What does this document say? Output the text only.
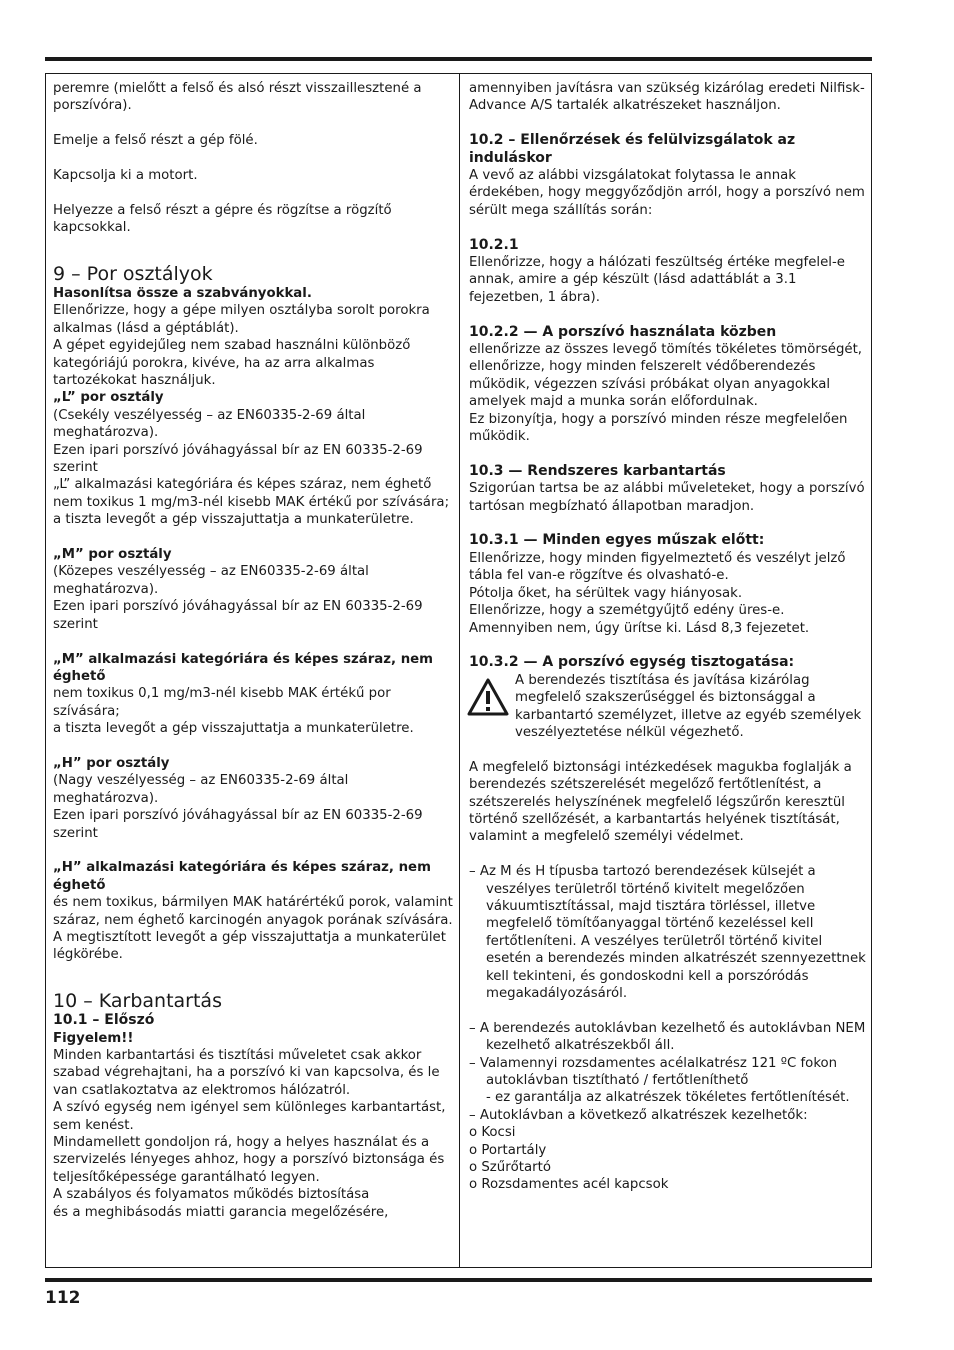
peremre (mielőtt a felső és alsó részt visszaillesztené a porszívóra).

Emelje a felső részt a gép fölé.

Kapcsolja ki a motort.

Helyezze a felső részt a gépre és rögzítse a rögzítő kapcsokkal.

9 – Por osztályok

Hasonlítsa össze a szabványokkal.

Ellenőrizze, hogy a gépe milyen osztályba sorolt porokra alkalmas (lásd a géptáblát).

A gépet egyidejűleg nem szabad használni különböző kategóriájú porokra, kivéve, ha az arra alkalmas tartozékokat használjuk.

„L” por osztály

(Csekély veszélyesség – az EN60335-2-69 által meghatározva).

Ezen ipari porszívó jóváhagyással bír az EN 60335-2-69 szerint

„L” alkalmazási kategóriára és képes száraz, nem éghető nem toxikus 1 mg/m3-nél kisebb MAK értékű por szívására;

a tiszta levegőt a gép visszajuttatja a munkaterületre.

„M” por osztály

(Közepes veszélyesség – az EN60335-2-69 által meghatározva).

Ezen ipari porszívó jóváhagyással bír az EN 60335-2-69 szerint

„M” alkalmazási kategóriára és képes száraz, nem éghető

nem toxikus 0,1 mg/m3-nél kisebb MAK értékű por szívására;

a tiszta levegőt a gép visszajuttatja a munkaterületre.

„H” por osztály

(Nagy veszélyesség – az EN60335-2-69 által meghatározva).

Ezen ipari porszívó jóváhagyással bír az EN 60335-2-69 szerint

„H” alkalmazási kategóriára és képes száraz, nem éghető

és nem toxikus, bármilyen MAK határértékű porok, valamint száraz, nem éghető karcinogén anyagok porának szívására.

A megtisztított levegőt a gép visszajuttatja a munkaterület légkörébe.

10 – Karbantartás
10.1 – Előszó

Figyelem!!

Minden karbantartási és tisztítási műveletet csak akkor szabad végrehajtani, ha a porszívó ki van kapcsolva, és le van csatlakoztatva az elektromos hálózatról.

A szívó egység nem igényel sem különleges karbantartást, sem kenést.

Mindamellett gondoljon rá, hogy a helyes használat és a szervizelés lényeges ahhoz, hogy a porszívó biztonsága és teljesítőképessége garantálható legyen.

A szabályos és folyamatos működés biztosítása

és a meghibásodás miatti garancia megelőzésére,

amennyiben javításra van szükség kizárólag eredeti Nilfisk-Advance A/S tartalék alkatrészeket használjon.

10.2 – Ellenőrzések és felülvizsgálatok az induláskor

A vevő az alábbi vizsgálatokat folytassa le annak érdekében, hogy meggyőződjön arról, hogy a porszívó nem sérült mega szállítás során:

10.2.1

Ellenőrizze, hogy a hálózati feszültség értéke megfelel-e annak, amire a gép készült (lásd adattáblát a 3.1 fejezetben, 1 ábra).

10.2.2 — A porszívó használata közben

ellenőrizze az összes levegő tömítés tökéletes tömörségét, ellenőrizze, hogy minden felszerelt védőberendezés működik, végezzen szívási próbákat olyan anyagokkal amelyek majd a munka során előfordulnak.

Ez bizonyítja, hogy a porszívó minden része megfelelően működik.

10.3 — Rendszeres karbantartás

Szigorúan tartsa be az alábbi műveleteket, hogy a porszívó tartósan megbízható állapotban maradjon.

10.3.1 — Minden egyes műszak előtt:

Ellenőrizze, hogy minden figyelmeztető és veszélyt jelző tábla fel van-e rögzítve és olvasható-e.

Pótolja őket, ha sérültek vagy hiányosak.

Ellenőrizze, hogy a szemétgyűjtő edény üres-e.

Amennyiben nem, úgy ürítse ki. Lásd 8,3 fejezetet.

10.3.2 — A porszívó egység tisztogatása:

A berendezés tisztítása és javítása kizárólag megfelelő szakszerűséggel és biztonsággal a karbantartó személyzet, illetve az egyéb személyek veszélyeztetése nélkül végezhető.

A megfelelő biztonsági intézkedések magukba foglalják a berendezés szétszerelését megelőző fertőtlenítést, a szétszerelés helyszínének megfelelő légszűrőn keresztül történő szellőzését, a karbantartás helyének tisztítását, valamint a megfelelő személyi védelmet.

– Az M és H típusba tartozó berendezések külsejét a veszélyes területről történő kivitelt megelőzően vákuumtisztítással, majd tisztára törléssel, illetve megfelelő tömítőanyaggal történő kezeléssel kell fertőtleníteni. A veszélyes területről történő kivitel esetén a berendezés minden alkatrészét szennyezettnek kell tekinteni, és gondoskodni kell a porszóródás megakadályozásáról.

– A berendezés autoklávban kezelhető és autoklávban NEM kezelhető alkatrészekből áll.

– Valamennyi rozsdamentes acélalkatrész 121 ºC fokon autoklávban tisztítható / fertőtleníthető

- ez garantálja az alkatrészek tökéletes fertőtlenítését.

– Autoklávban a következő alkatrészek kezelhetők:

o Kocsi

o Portartály

o Szűrőtartó

o Rozsdamentes acél kapcsok

112
